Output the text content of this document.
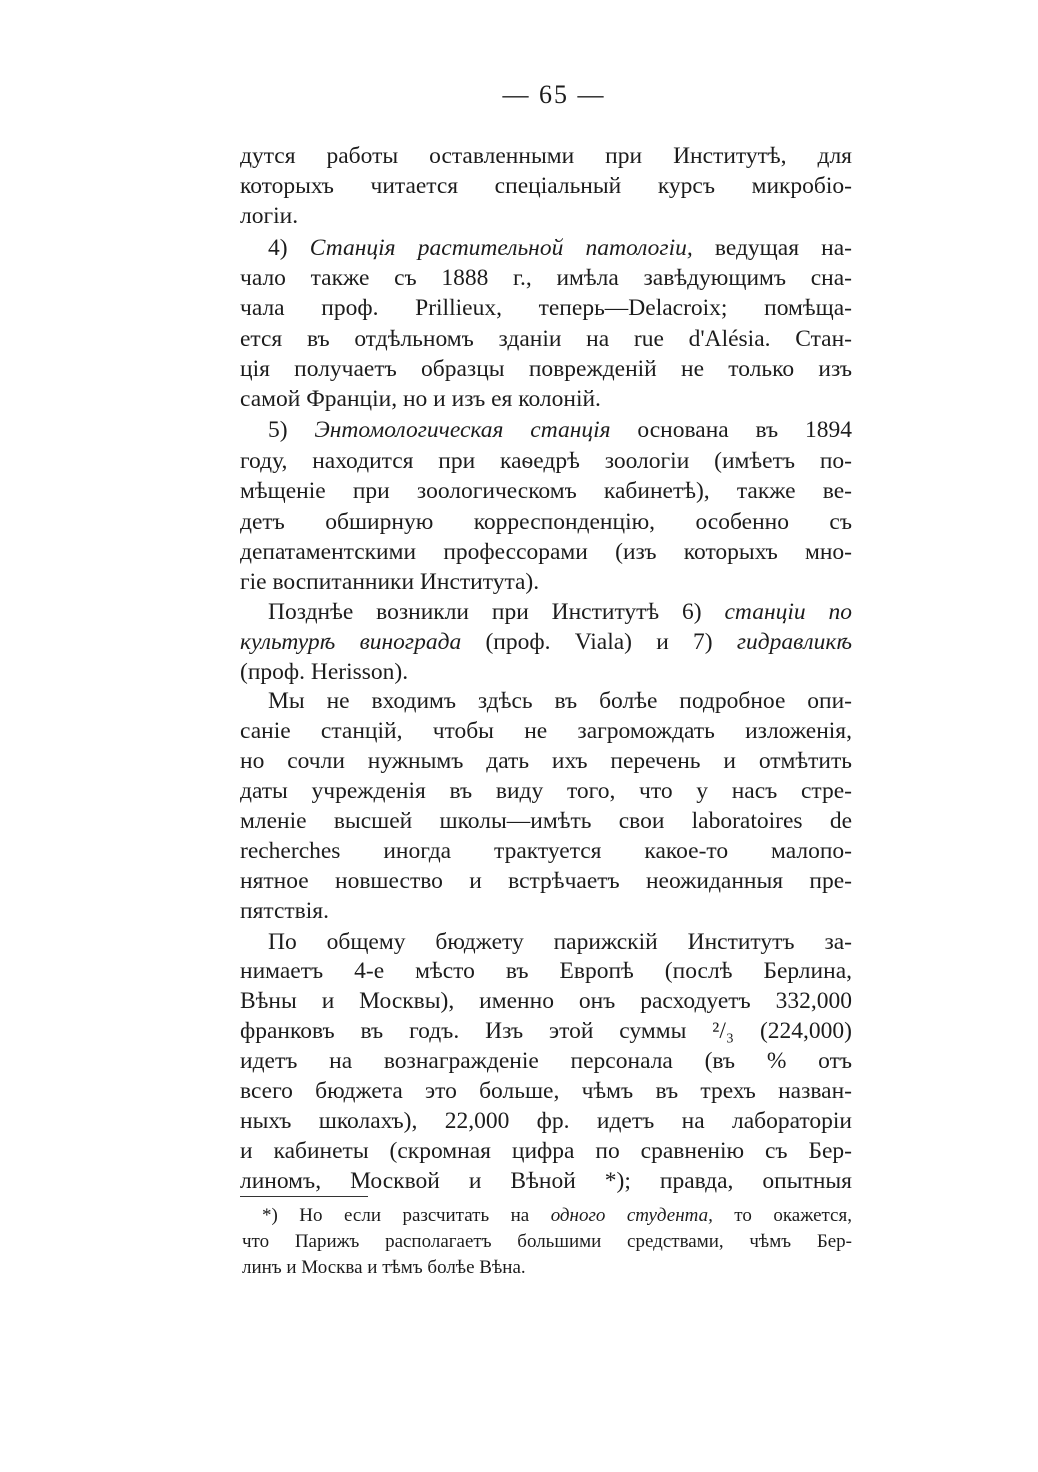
— 65 —
дутся работы оставленными при Институтѣ, для
которыхъ читается спеціальный курсъ микробіо-
логіи.
4) Станція растительной патологіи, ведущая на-
чало также съ 1888 г., имѣла завѣдующимъ сна-
чала проф. Prillieux, теперь—Delacroix; помѣща-
ется въ отдѣльномъ зданіи на rue d'Alésia. Стан-
ція получаетъ образцы поврежденій не только изъ
самой Франціи, но и изъ ея колоній.
5) Энтомологическая станція основана въ 1894
году, находится при каѳедрѣ зоологіи (имѣетъ по-
мѣщеніе при зоологическомъ кабинетѣ), также ве-
детъ обширную корреспонденцію, особенно съ
депатаментскими профессорами (изъ которыхъ мно-
гіе воспитанники Института).
Позднѣе возникли при Институтѣ 6) станціи по
культурѣ винограда (проф. Viala) и 7) гидравликѣ
(проф. Herisson).
Мы не входимъ здѣсь въ болѣе подробное опи-
саніе станцій, чтобы не загромождать изложенія,
но сочли нужнымъ дать ихъ перечень и отмѣтить
даты учрежденія въ виду того, что у насъ стре-
мленіе высшей школы—имѣть свои laboratoires de
recherches иногда трактуется какое-то малопо-
нятное новшество и встрѣчаетъ неожиданныя пре-
пятствія.
По общему бюджету парижскій Институтъ за-
нимаетъ 4-е мѣсто въ Европѣ (послѣ Берлина,
Вѣны и Москвы), именно онъ расходуетъ 332,000
франковъ въ годъ. Изъ этой суммы ²/₃ (224,000)
идетъ на вознагражденіе персонала (въ % отъ
всего бюджета это больше, чѣмъ въ трехъ назван-
ныхъ школахъ), 22,000 фр. идетъ на лабораторіи
и кабинеты (скромная цифра по сравненію съ Бер-
линомъ, Москвой и Вѣной *); правда, опытныя
*) Но если разсчитать на одного студента, то окажется,
что Парижъ располагаетъ большими средствами, чѣмъ Бер-
линъ и Москва и тѣмъ болѣе Вѣна.
